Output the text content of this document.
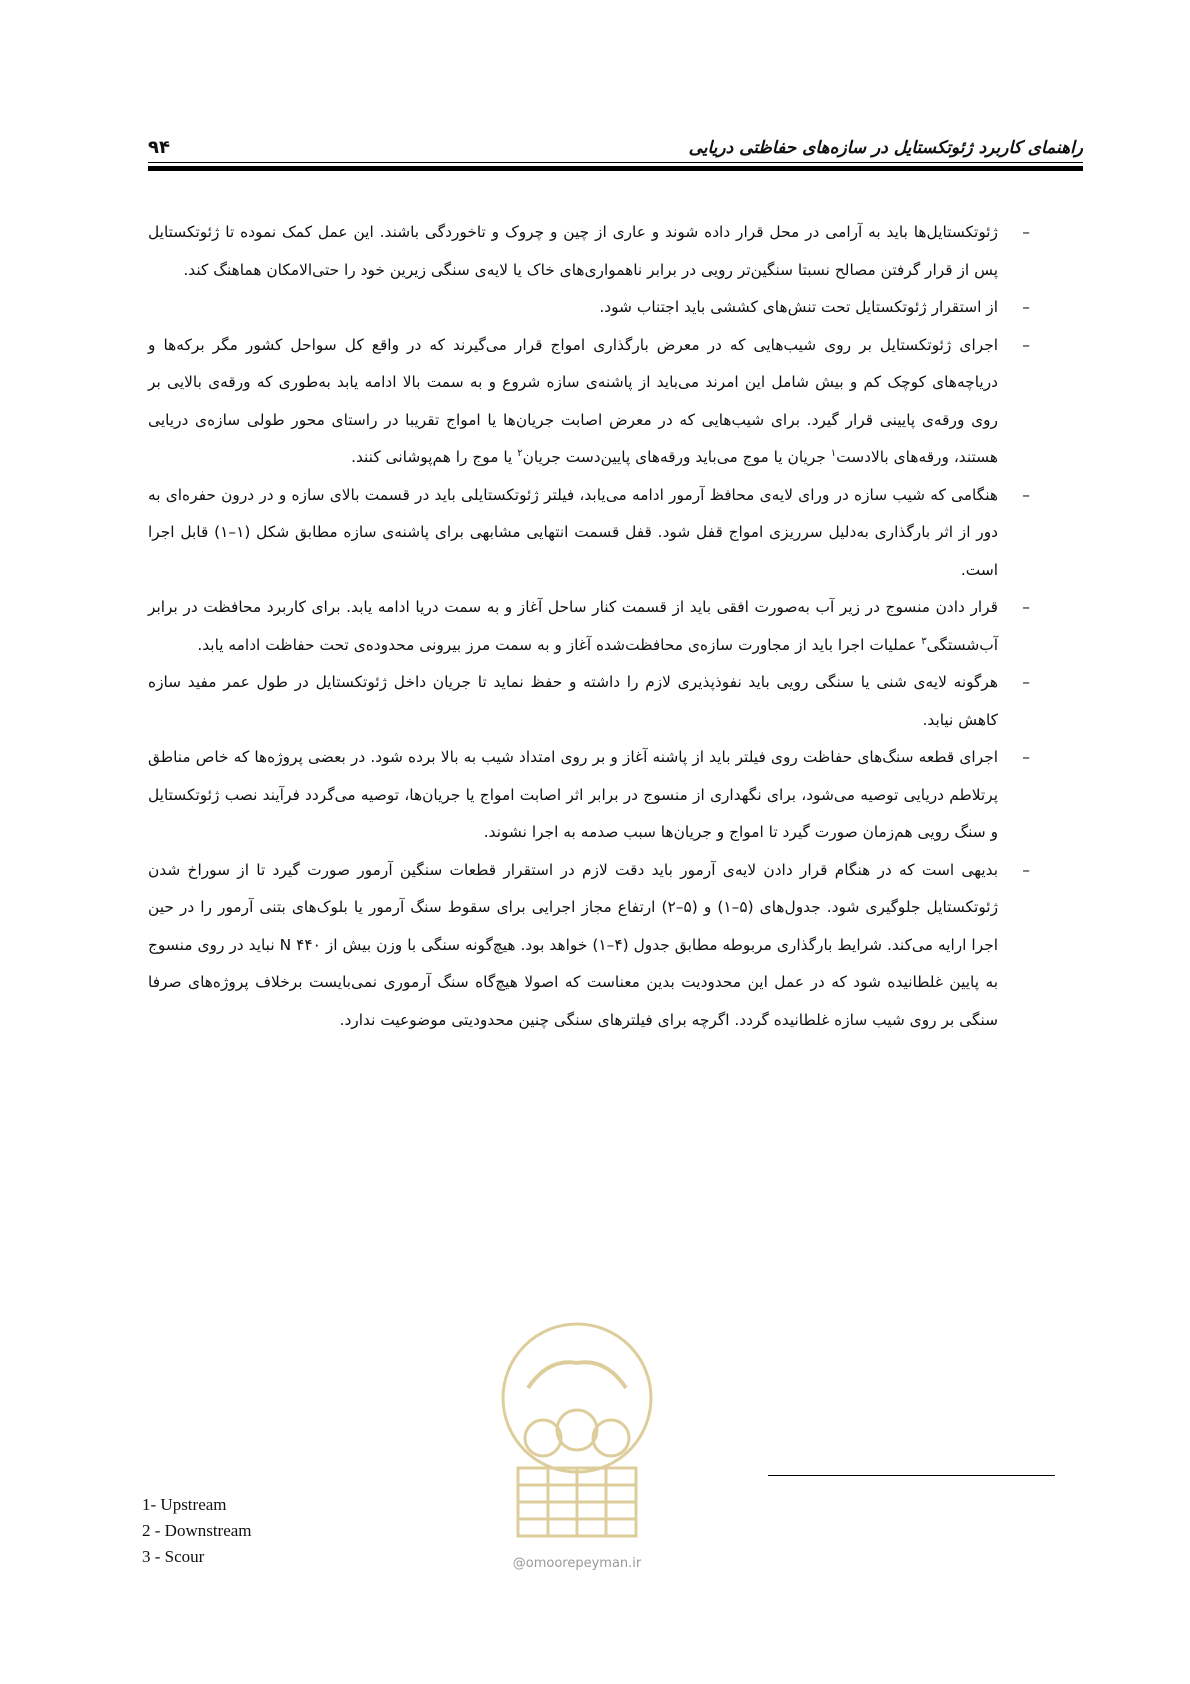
۹۴	راهنمای کاربرد ژئوتکستایل در سازه‌های حفاظتی دریایی

– ژئوتکستایل‌ها باید به آرامی در محل قرار داده شوند و عاری از چین و چروک و تاخوردگی باشند. این عمل کمک نموده تا ژئوتکستایل پس از قرار گرفتن مصالح نسبتا سنگین‌تر رویی در برابر ناهمواری‌های خاک یا لایه‌ی سنگی زیرین خود را حتی‌الامکان هماهنگ کند.

– از استقرار ژئوتکستایل تحت تنش‌های کششی باید اجتناب شود.

– اجرای ژئوتکستایل بر روی شیب‌هایی که در معرض بارگذاری امواج قرار می‌گیرند که در واقع کل سواحل کشور مگر برکه‌ها و دریاچه‌های کوچک کم و بیش شامل این امرند می‌باید از پاشنه‌ی سازه شروع و به سمت بالا ادامه یابد به‌طوری که ورقه‌ی بالایی بر روی ورقه‌ی پایینی قرار گیرد. برای شیب‌هایی که در معرض اصابت جریان‌ها یا امواج تقریبا در راستای محور طولی سازه‌ی دریایی هستند، ورقه‌های بالادست$^۱$ جریان یا موج می‌باید ورقه‌های پایین‌دست جریان$^۲$ یا موج را هم‌پوشانی کنند.

– هنگامی که شیب سازه در ورای لایه‌ی محافظ آرمور ادامه می‌یابد، فیلتر ژئوتکستایلی باید در قسمت بالای سازه و در درون حفره‌ای به دور از اثر بارگذاری به‌دلیل سرریزی امواج قفل شود. قفل قسمت انتهایی مشابهی برای پاشنه‌ی سازه مطابق شکل (۱–۱) قابل اجرا است.

– قرار دادن منسوج در زیر آب به‌صورت افقی باید از قسمت کنار ساحل آغاز و به سمت دریا ادامه یابد. برای کاربرد محافظت در برابر آب‌شستگی$^۳$ عملیات اجرا باید از مجاورت سازه‌ی محافظت‌شده آغاز و به سمت مرز بیرونی محدوده‌ی تحت حفاظت ادامه یابد.

– هرگونه لایه‌ی شنی یا سنگی رویی باید نفوذپذیری لازم را داشته و حفظ نماید تا جریان داخل ژئوتکستایل در طول عمر مفید سازه کاهش نیابد.

– اجرای قطعه سنگ‌های حفاظت روی فیلتر باید از پاشنه آغاز و بر روی امتداد شیب به بالا برده شود. در بعضی پروژه‌ها که خاص مناطق پرتلاطم دریایی توصیه می‌شود، برای نگهداری از منسوج در برابر اثر اصابت امواج یا جریان‌ها، توصیه می‌گردد فرآیند نصب ژئوتکستایل و سنگ رویی هم‌زمان صورت گیرد تا امواج و جریان‌ها سبب صدمه به اجرا نشوند.

– بدیهی است که در هنگام قرار دادن لایه‌ی آرمور باید دقت لازم در استقرار قطعات سنگین آرمور صورت گیرد تا از سوراخ شدن ژئوتکستایل جلوگیری شود. جدول‌های (۵–۱) و (۵–۲) ارتفاع مجاز اجرایی برای سقوط سنگ آرمور یا بلوک‌های بتنی آرمور را در حین اجرا ارایه می‌کند. شرایط بارگذاری مربوطه مطابق جدول (۴–۱) خواهد بود. هیچ‌گونه سنگی با وزن بیش از ۴۴۰ N نباید در روی منسوج به پایین غلطانیده شود که در عمل این محدودیت بدین معناست که اصولا هیچ‌گاه سنگ آرموری نمی‌بایست برخلاف پروژه‌های صرفا سنگی بر روی شیب سازه غلطانیده گردد. اگرچه برای فیلترهای سنگی چنین محدودیتی موضوعیت ندارد.

@omoorepeyman.ir
1- Upstream
2 - Downstream
3 - Scour
